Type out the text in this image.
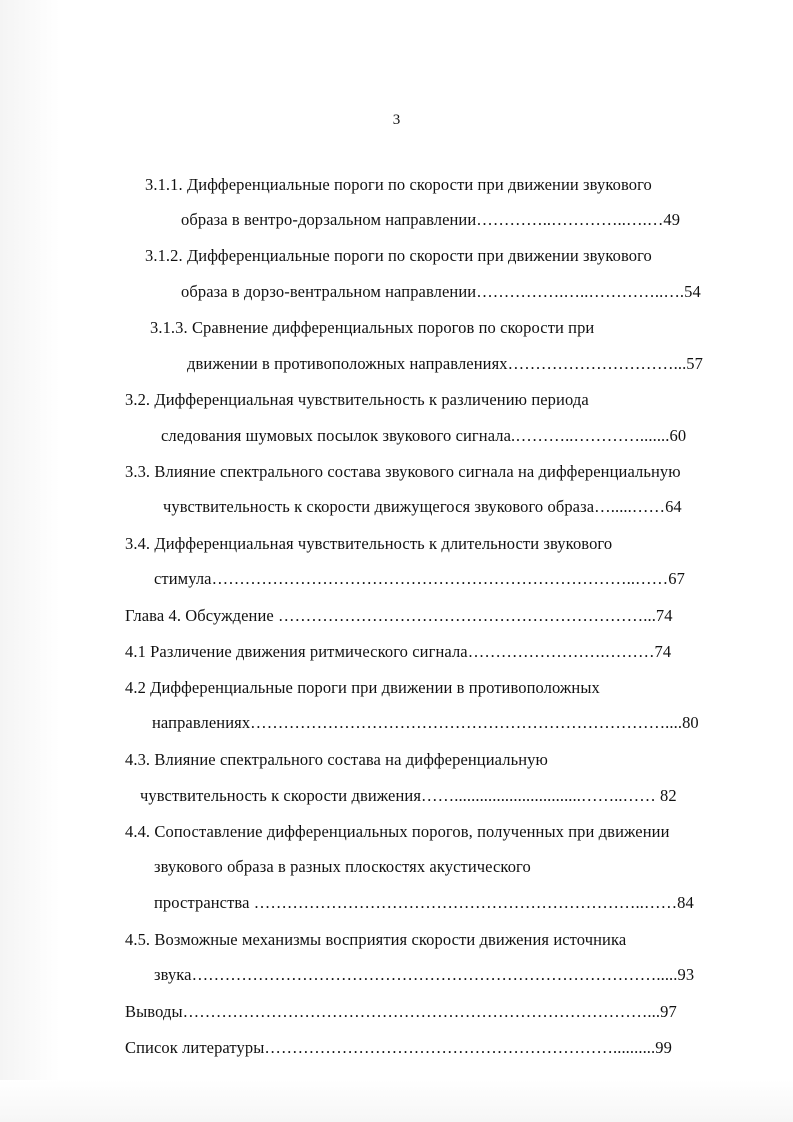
3
3.1.1. Дифференциальные пороги по скорости при движении звукового
образа в вентро-дорзальном направлении…………..…………..….…49
3.1.2. Дифференциальные пороги по скорости при движении звукового
образа в дорзо-вентральном направлении…………….…..…………..….54
3.1.3. Сравнение дифференциальных порогов по скорости при
движении в противоположных направлениях…………………………...57
3.2. Дифференциальная чувствительность к различению периода
следования шумовых посылок звукового сигнала.………..………….......60
3.3. Влияние спектрального состава звукового сигнала на дифференциальную
чувствительность к скорости движущегося звукового образа….....……64
3.4. Дифференциальная чувствительность к длительности звукового
стимула…………………………………………………………………..……67
Глава 4. Обсуждение …………………………………………………………...74
4.1 Различение движения ритмического сигнала…………………….………74
4.2 Дифференциальные пороги при движении в противоположных
направлениях…………………………………………………………………....80
4.3. Влияние спектрального состава на дифференциальную
чувствительность к скорости движения……..............................……..…… 82
4.4. Сопоставление дифференциальных порогов, полученных при движении
звукового образа в разных плоскостях акустического
пространства ……………………………………………………………..……84
4.5. Возможные механизмы восприятия скорости движения источника
звука………………………………………………………………………….....93
Выводы…………………………………………………………………………...97
Список литературы………………………………………………………..........99
